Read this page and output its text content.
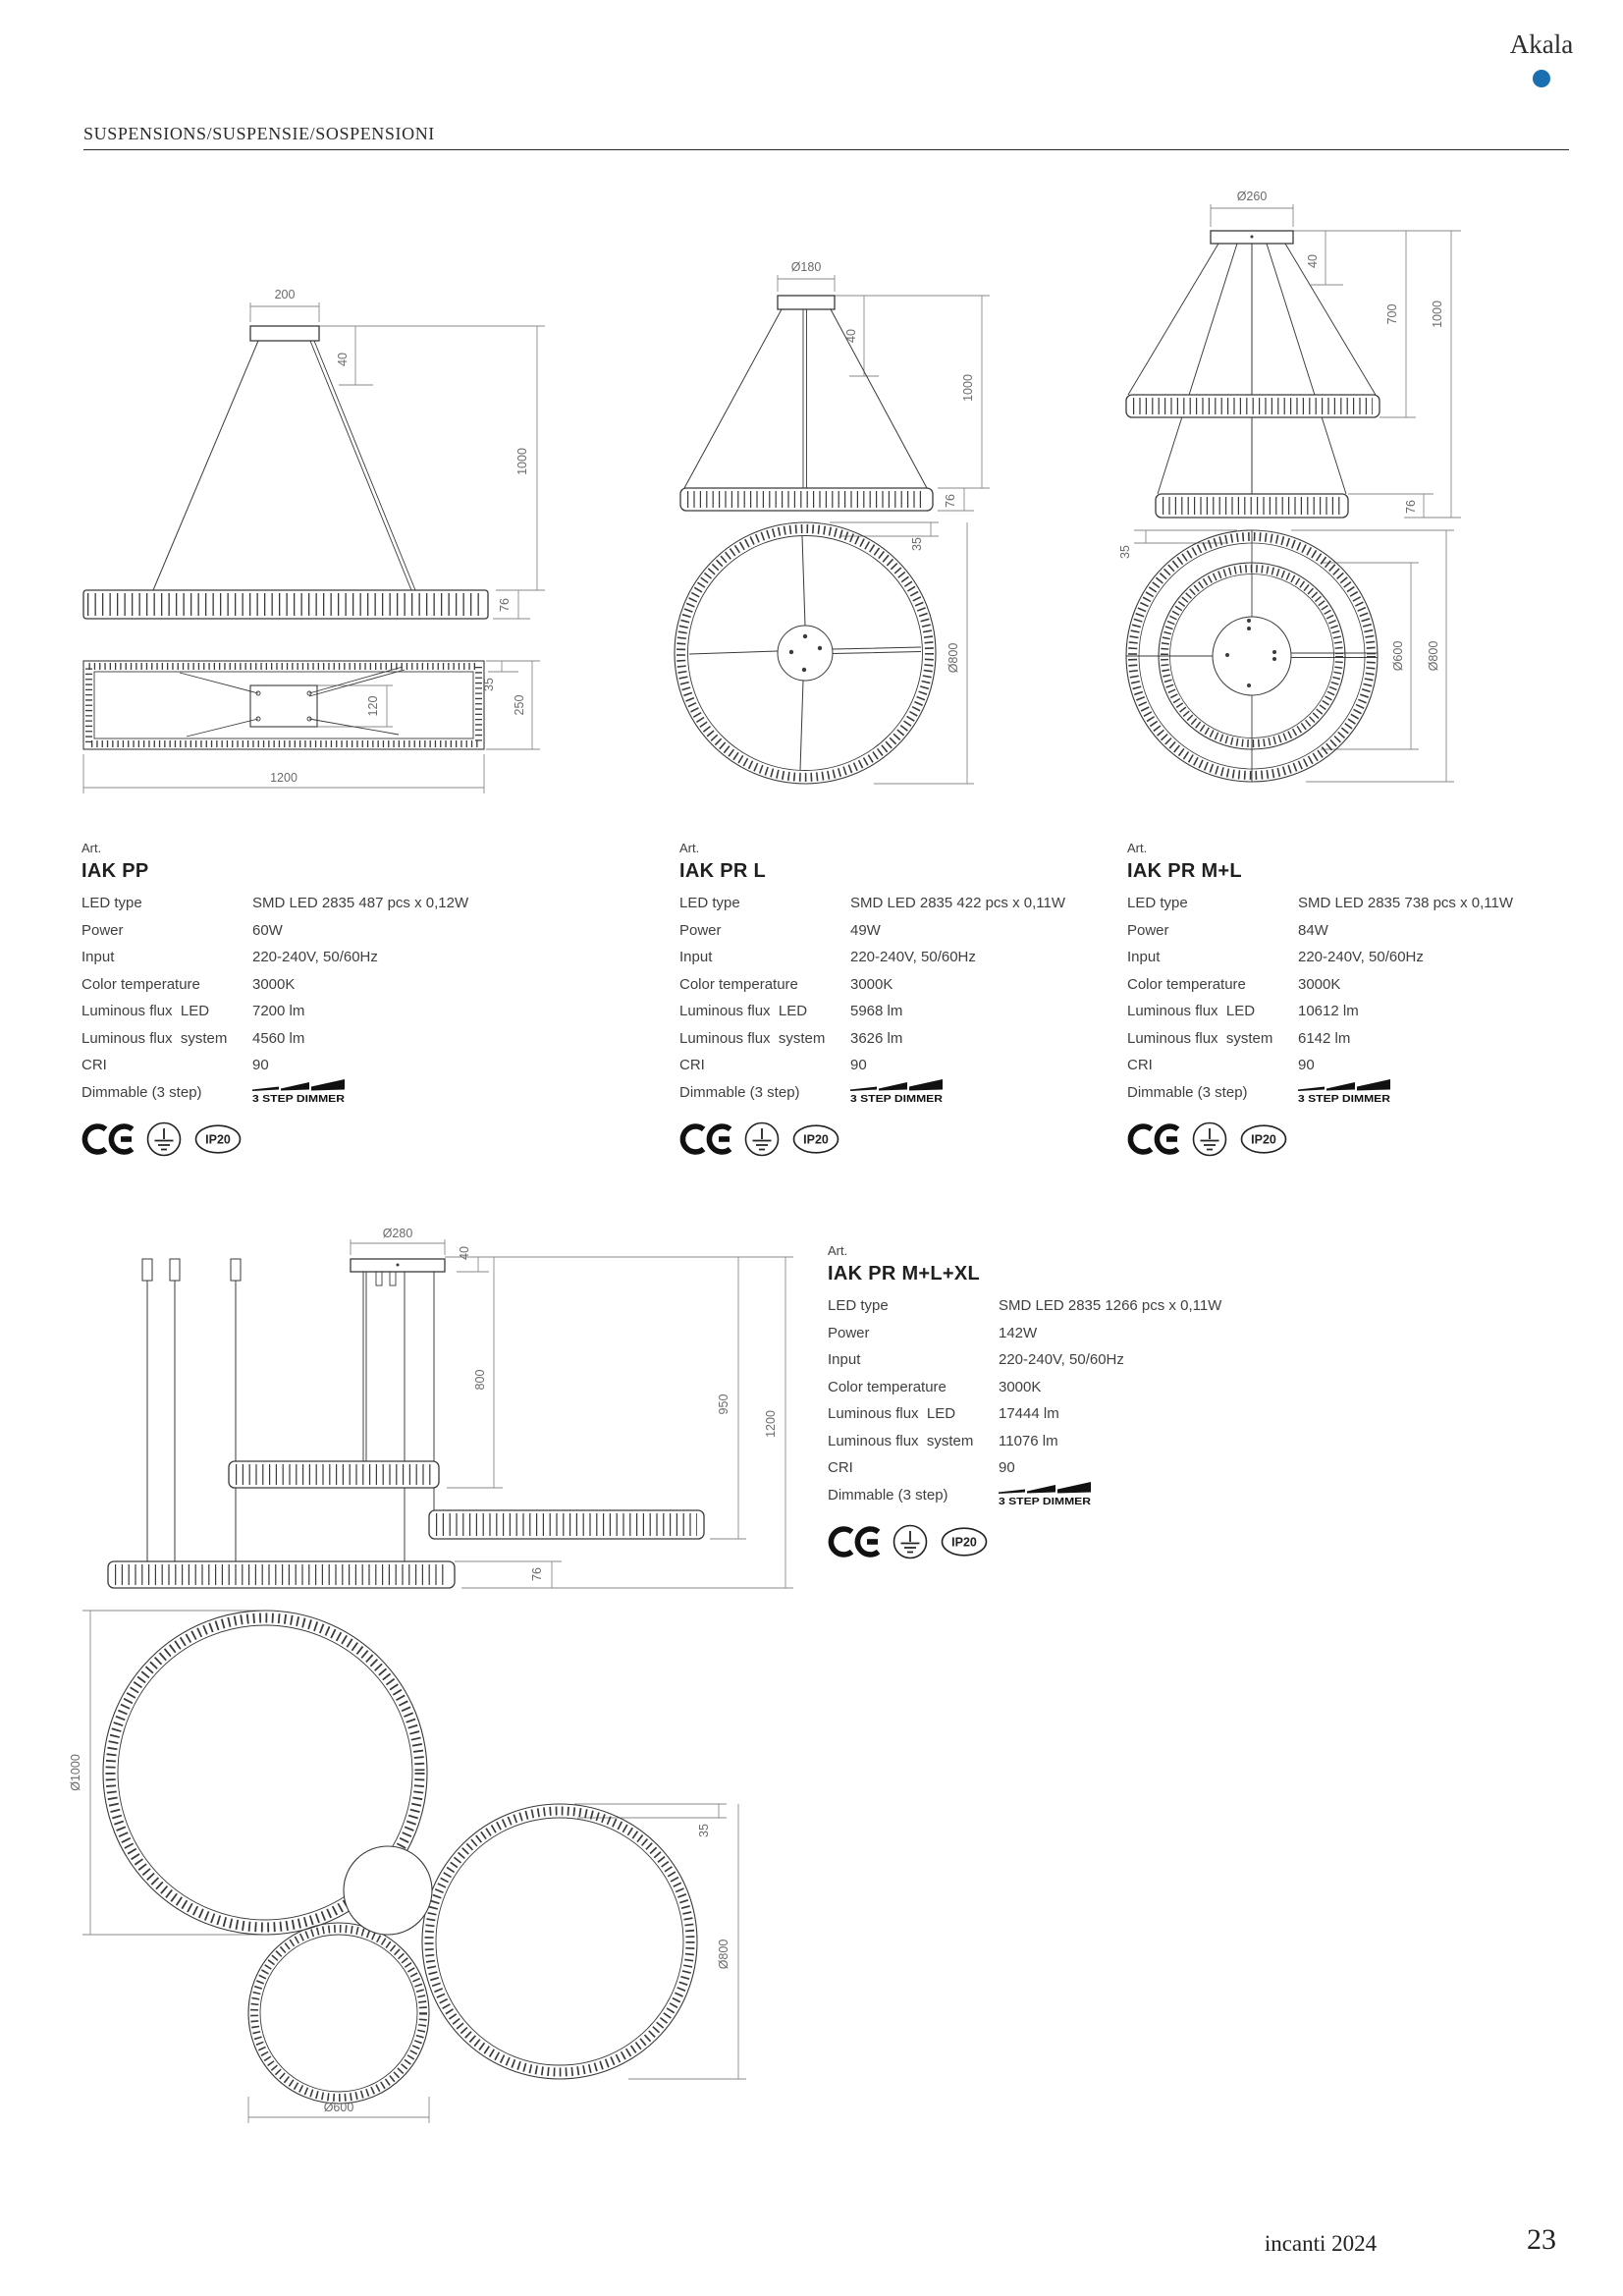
Akala
SUSPENSIONS/SUSPENSIE/SOSPENSIONI
200
40
1000
76
35
120	250
1200
Ø180
40
1000
76
35
Ø800
Ø260
40
700	1000
76
35
Ø600 Ø800
Ø280
40
800
950
1200
76
Ø1000
35
Ø800
Ø600
Art.
IAK PP
LED type	SMD LED 2835 487 pcs x 0,12W
Power	60W
Input	220-240V, 50/60Hz
Color temperature	3000K
Luminous flux  LED	7200 lm
Luminous flux  system	4560 lm
CRI	90
Dimmable (3 step)	3 STEP DIMMER
IP20
Art.
IAK PR L
LED type	SMD LED 2835 422 pcs x 0,11W
Power	49W
Input	220-240V, 50/60Hz
Color temperature	3000K
Luminous flux  LED	5968 lm
Luminous flux  system	3626 lm
CRI	90
Dimmable (3 step)	3 STEP DIMMER
IP20
Art.
IAK PR M+L
LED type	SMD LED 2835 738 pcs x 0,11W
Power	84W
Input	220-240V, 50/60Hz
Color temperature	3000K
Luminous flux  LED	10612 lm
Luminous flux  system	6142 lm
CRI	90
Dimmable (3 step)	3 STEP DIMMER
IP20
Art.
IAK PR M+L+XL
LED type	SMD LED 2835 1266 pcs x 0,11W
Power	142W
Input	220-240V, 50/60Hz
Color temperature	3000K
Luminous flux  LED	17444 lm
Luminous flux  system	11076 lm
CRI	90
Dimmable (3 step)	3 STEP DIMMER
IP20
incanti 2024	23
